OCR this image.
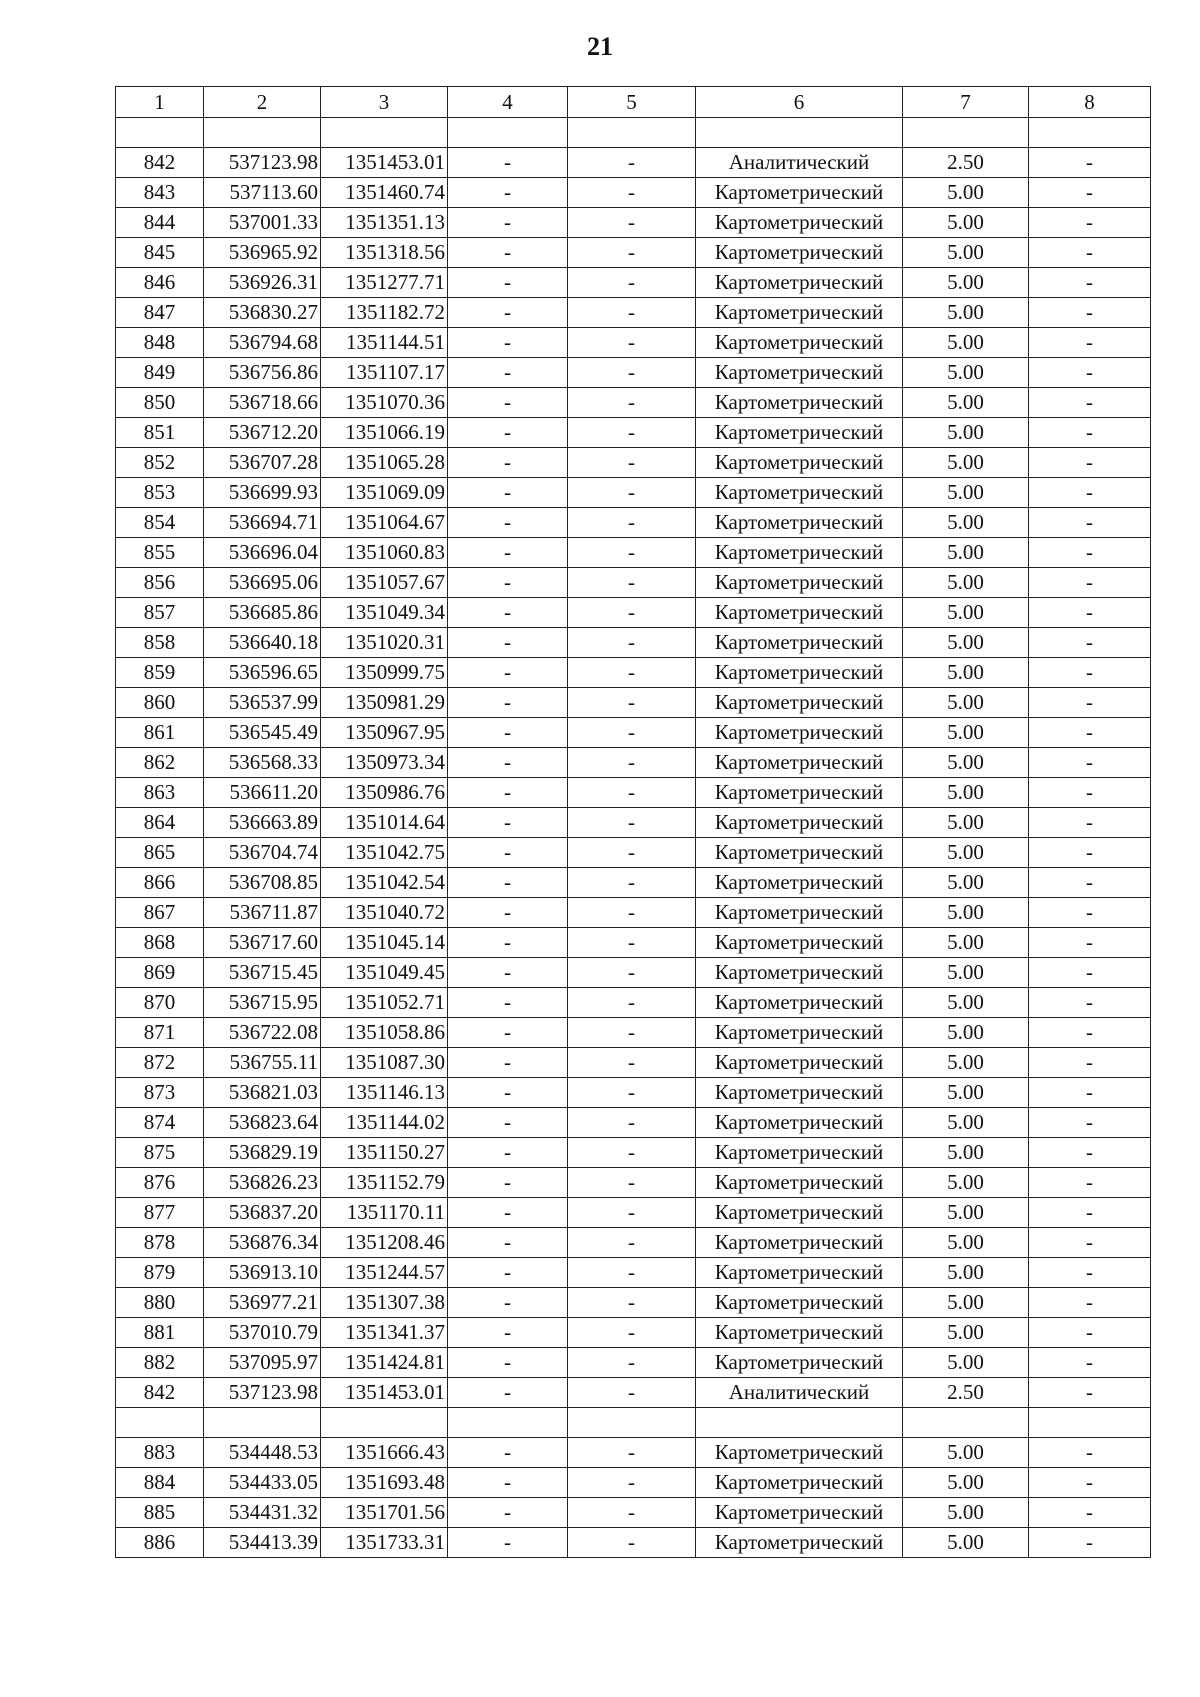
21
1	2	3	4	5	6	7	8

842	537123.98	1351453.01	-	-	Аналитический	2.50	-
843	537113.60	1351460.74	-	-	Картометрический	5.00	-
844	537001.33	1351351.13	-	-	Картометрический	5.00	-
845	536965.92	1351318.56	-	-	Картометрический	5.00	-
846	536926.31	1351277.71	-	-	Картометрический	5.00	-
847	536830.27	1351182.72	-	-	Картометрический	5.00	-
848	536794.68	1351144.51	-	-	Картометрический	5.00	-
849	536756.86	1351107.17	-	-	Картометрический	5.00	-
850	536718.66	1351070.36	-	-	Картометрический	5.00	-
851	536712.20	1351066.19	-	-	Картометрический	5.00	-
852	536707.28	1351065.28	-	-	Картометрический	5.00	-
853	536699.93	1351069.09	-	-	Картометрический	5.00	-
854	536694.71	1351064.67	-	-	Картометрический	5.00	-
855	536696.04	1351060.83	-	-	Картометрический	5.00	-
856	536695.06	1351057.67	-	-	Картометрический	5.00	-
857	536685.86	1351049.34	-	-	Картометрический	5.00	-
858	536640.18	1351020.31	-	-	Картометрический	5.00	-
859	536596.65	1350999.75	-	-	Картометрический	5.00	-
860	536537.99	1350981.29	-	-	Картометрический	5.00	-
861	536545.49	1350967.95	-	-	Картометрический	5.00	-
862	536568.33	1350973.34	-	-	Картометрический	5.00	-
863	536611.20	1350986.76	-	-	Картометрический	5.00	-
864	536663.89	1351014.64	-	-	Картометрический	5.00	-
865	536704.74	1351042.75	-	-	Картометрический	5.00	-
866	536708.85	1351042.54	-	-	Картометрический	5.00	-
867	536711.87	1351040.72	-	-	Картометрический	5.00	-
868	536717.60	1351045.14	-	-	Картометрический	5.00	-
869	536715.45	1351049.45	-	-	Картометрический	5.00	-
870	536715.95	1351052.71	-	-	Картометрический	5.00	-
871	536722.08	1351058.86	-	-	Картометрический	5.00	-
872	536755.11	1351087.30	-	-	Картометрический	5.00	-
873	536821.03	1351146.13	-	-	Картометрический	5.00	-
874	536823.64	1351144.02	-	-	Картометрический	5.00	-
875	536829.19	1351150.27	-	-	Картометрический	5.00	-
876	536826.23	1351152.79	-	-	Картометрический	5.00	-
877	536837.20	1351170.11	-	-	Картометрический	5.00	-
878	536876.34	1351208.46	-	-	Картометрический	5.00	-
879	536913.10	1351244.57	-	-	Картометрический	5.00	-
880	536977.21	1351307.38	-	-	Картометрический	5.00	-
881	537010.79	1351341.37	-	-	Картометрический	5.00	-
882	537095.97	1351424.81	-	-	Картометрический	5.00	-
842	537123.98	1351453.01	-	-	Аналитический	2.50	-

883	534448.53	1351666.43	-	-	Картометрический	5.00	-
884	534433.05	1351693.48	-	-	Картометрический	5.00	-
885	534431.32	1351701.56	-	-	Картометрический	5.00	-
886	534413.39	1351733.31	-	-	Картометрический	5.00	-
